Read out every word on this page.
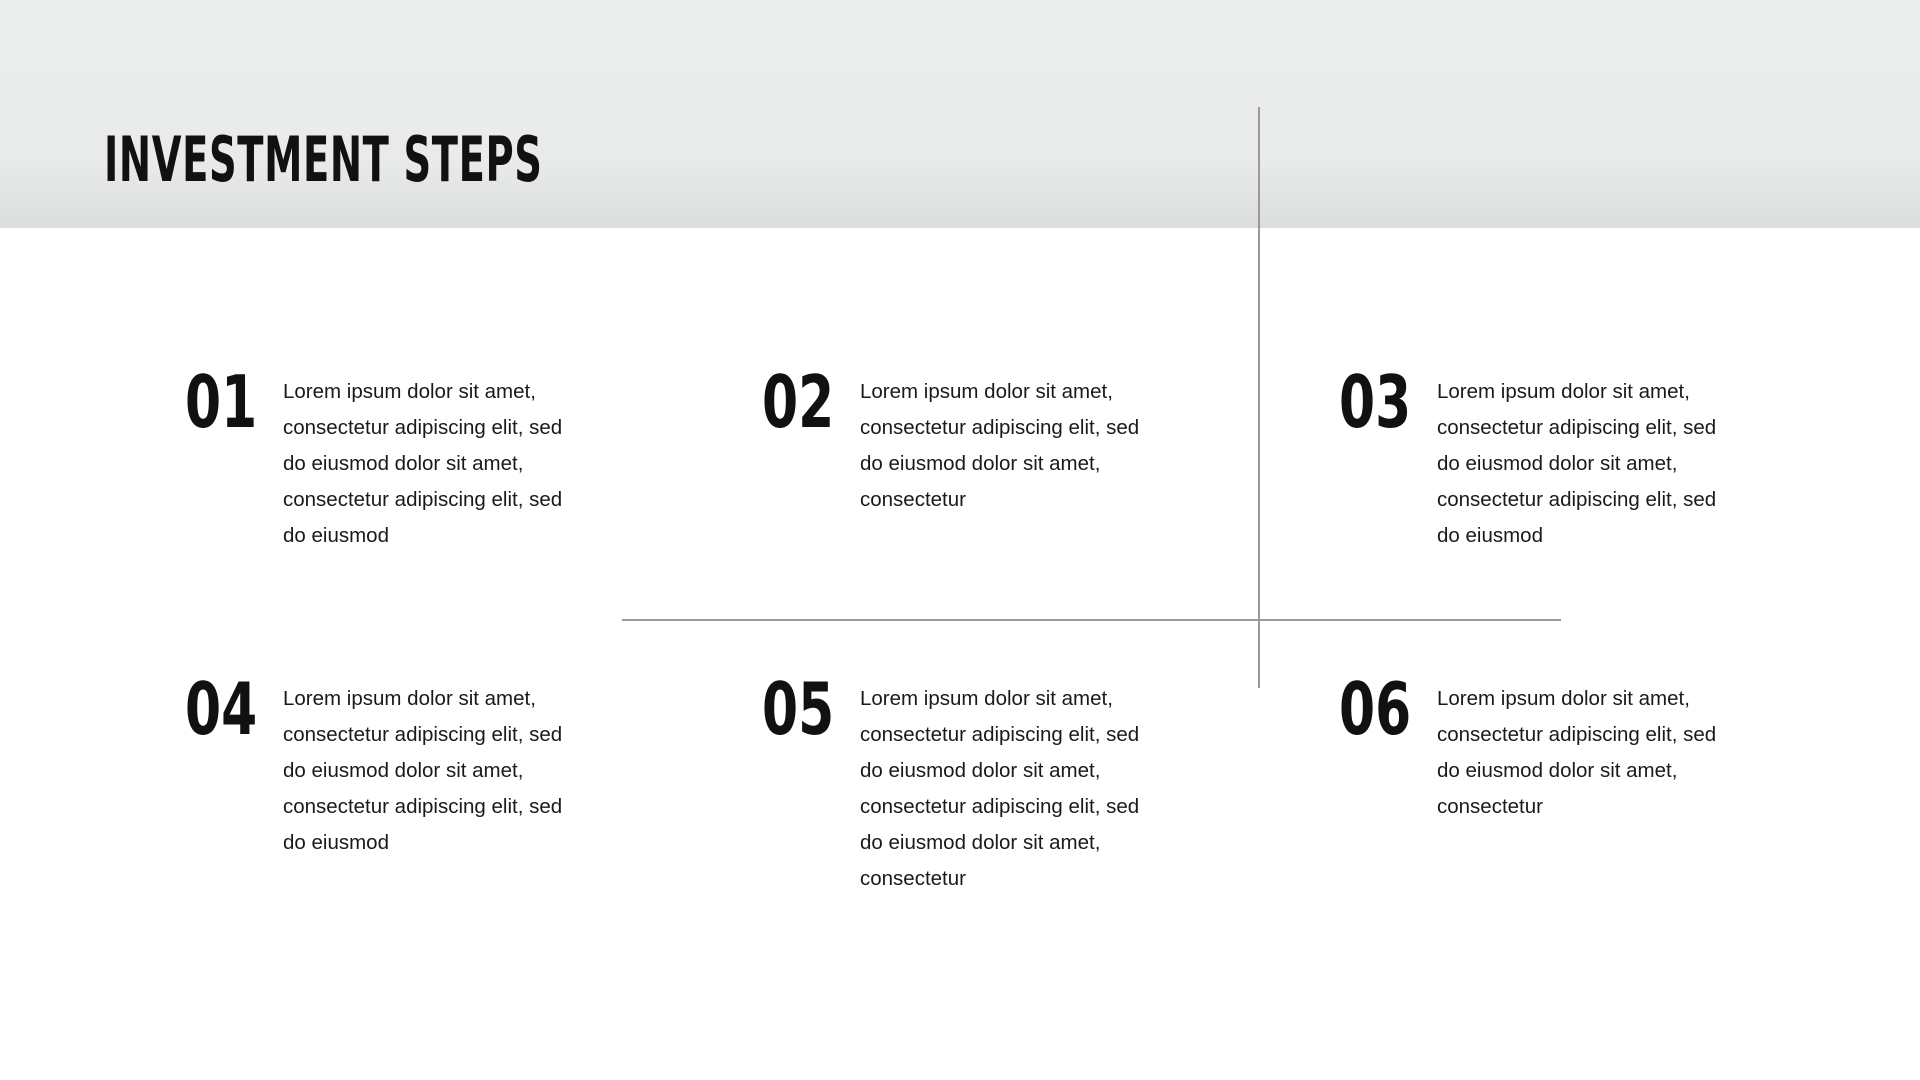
INVESTMENT STEPS
01 Lorem ipsum dolor sit amet, consectetur adipiscing elit, sed do eiusmod dolor sit amet, consectetur adipiscing elit, sed do eiusmod

02 Lorem ipsum dolor sit amet, consectetur adipiscing elit, sed do eiusmod dolor sit amet, consectetur

03 Lorem ipsum dolor sit amet, consectetur adipiscing elit, sed do eiusmod dolor sit amet, consectetur adipiscing elit, sed do eiusmod

04 Lorem ipsum dolor sit amet, consectetur adipiscing elit, sed do eiusmod dolor sit amet, consectetur adipiscing elit, sed do eiusmod

05 Lorem ipsum dolor sit amet, consectetur adipiscing elit, sed do eiusmod dolor sit amet, consectetur adipiscing elit, sed do eiusmod dolor sit amet, consectetur

06 Lorem ipsum dolor sit amet, consectetur adipiscing elit, sed do eiusmod dolor sit amet, consectetur
